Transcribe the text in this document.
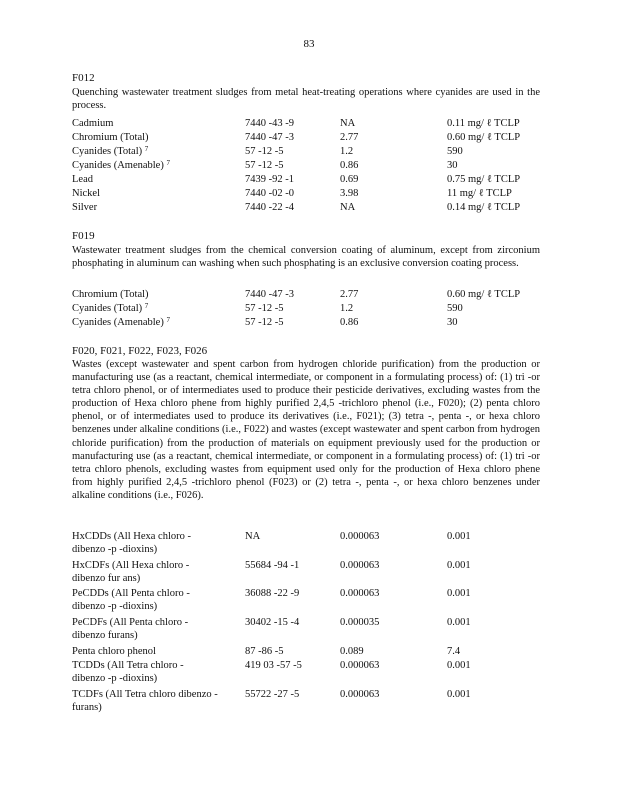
83
F012
Quenching wastewater treatment sludges from metal heat-treating operations where cyanides are used in the process.
Cadmium	7440 -43 -9	NA	0.11 mg/ ℓ TCLP
Chromium (Total)	7440 -47 -3	2.77	0.60 mg/ ℓ TCLP
Cyanides (Total) $^7$	57 -12 -5	1.2	590
Cyanides (Amenable) $^7$	57 -12 -5	0.86	30
Lead	7439 -92 -1	0.69	0.75 mg/ ℓ TCLP
Nickel	7440 -02 -0	3.98	11 mg/ ℓ TCLP
Silver	7440 -22 -4	NA	0.14 mg/ ℓ TCLP
F019
Wastewater treatment sludges from the chemical conversion coating of aluminum, except from zirconium phosphating in aluminum can washing when such phosphating is an exclusive conversion coating process.
Chromium (Total)	7440 -47 -3	2.77	0.60 mg/ ℓ TCLP
Cyanides (Total) $^7$	57 -12 -5	1.2	590
Cyanides (Amenable) $^7$	57 -12 -5	0.86	30
F020, F021, F022, F023, F026
Wastes (except wastewater and spent carbon from hydrogen chloride purification) from the production or manufacturing use (as a reactant, chemical intermediate, or component in a formulating process) of: (1) tri -or tetra chloro phenol, or of intermediates used to produce their pesticide derivatives, excluding wastes from the production of Hexa chloro phene from highly purified 2,4,5 -trichloro phenol (i.e., F020); (2) penta chloro phenol, or of intermediates used to produce its derivatives (i.e., F021); (3) tetra -, penta -, or hexa chloro benzenes under alkaline conditions (i.e., F022) and wastes (except wastewater and spent carbon from hydrogen chloride purification) from the production of materials on equipment previously used for the production or manufacturing use (as a reactant, chemical intermediate, or component in a formulating process) of: (1) tri -or tetra chloro phenols, excluding wastes from equipment used only for the production of Hexa chloro phene from highly purified 2,4,5 -trichloro phenol (F023) or (2) tetra -, penta -, or hexa chloro benzenes under alkaline conditions (i.e., F026).
HxCDDs (All Hexa chloro -
dibenzo -p -dioxins)
NA	0.000063	0.001
HxCDFs (All Hexa chloro -
dibenzo fur ans)
55684 -94 -1	0.000063	0.001
PeCDDs (All Penta chloro -
dibenzo -p -dioxins)
36088 -22 -9	0.000063	0.001
PeCDFs (All Penta chloro -
dibenzo furans)
30402 -15 -4	0.000035	0.001
Penta chloro phenol	87 -86 -5	0.089	7.4
TCDDs (All Tetra chloro -
dibenzo -p -dioxins)
419 03 -57 -5	0.000063	0.001
TCDFs (All Tetra chloro dibenzo -
furans)
55722 -27 -5	0.000063	0.001
